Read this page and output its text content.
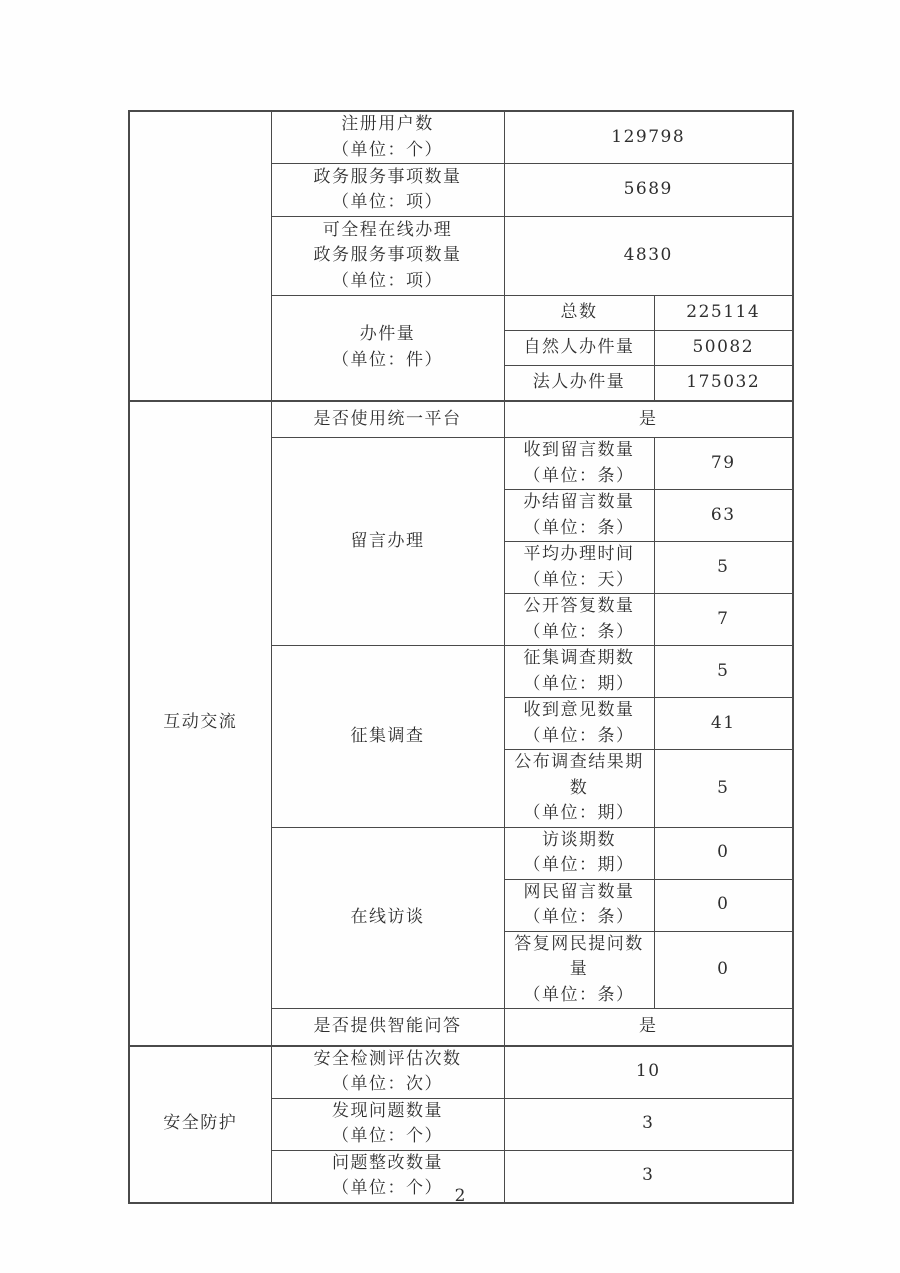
	注册用户数
（单位：个）	129798	

	政务服务事项数量
（单位：项）	5689	

	可全程在线办理
政务服务事项数量
（单位：项）	4830	

	办件量
（单位：件）	总数	225114
		自然人办件量	50082
		法人办件量	175032
互动交流	是否使用统一平台	是	
	留言办理	收到留言数量
（单位：条）	79

		办结留言数量
（单位：条）	63

		平均办理时间
（单位：天）	5

		公开答复数量
（单位：条）	7
	征集调查	征集调查期数
（单位：期）	5

		收到意见数量
（单位：条）	41

		公布调查结果期数
（单位：期）	5
	在线访谈	访谈期数
（单位：期）	0

		网民留言数量
（单位：条）	0

		答复网民提问数量
（单位：条）	0
	是否提供智能问答	是	
安全防护	安全检测评估次数
（单位：次）	10	

	发现问题数量
（单位：个）	3	

	问题整改数量
（单位：个）	3	
2
